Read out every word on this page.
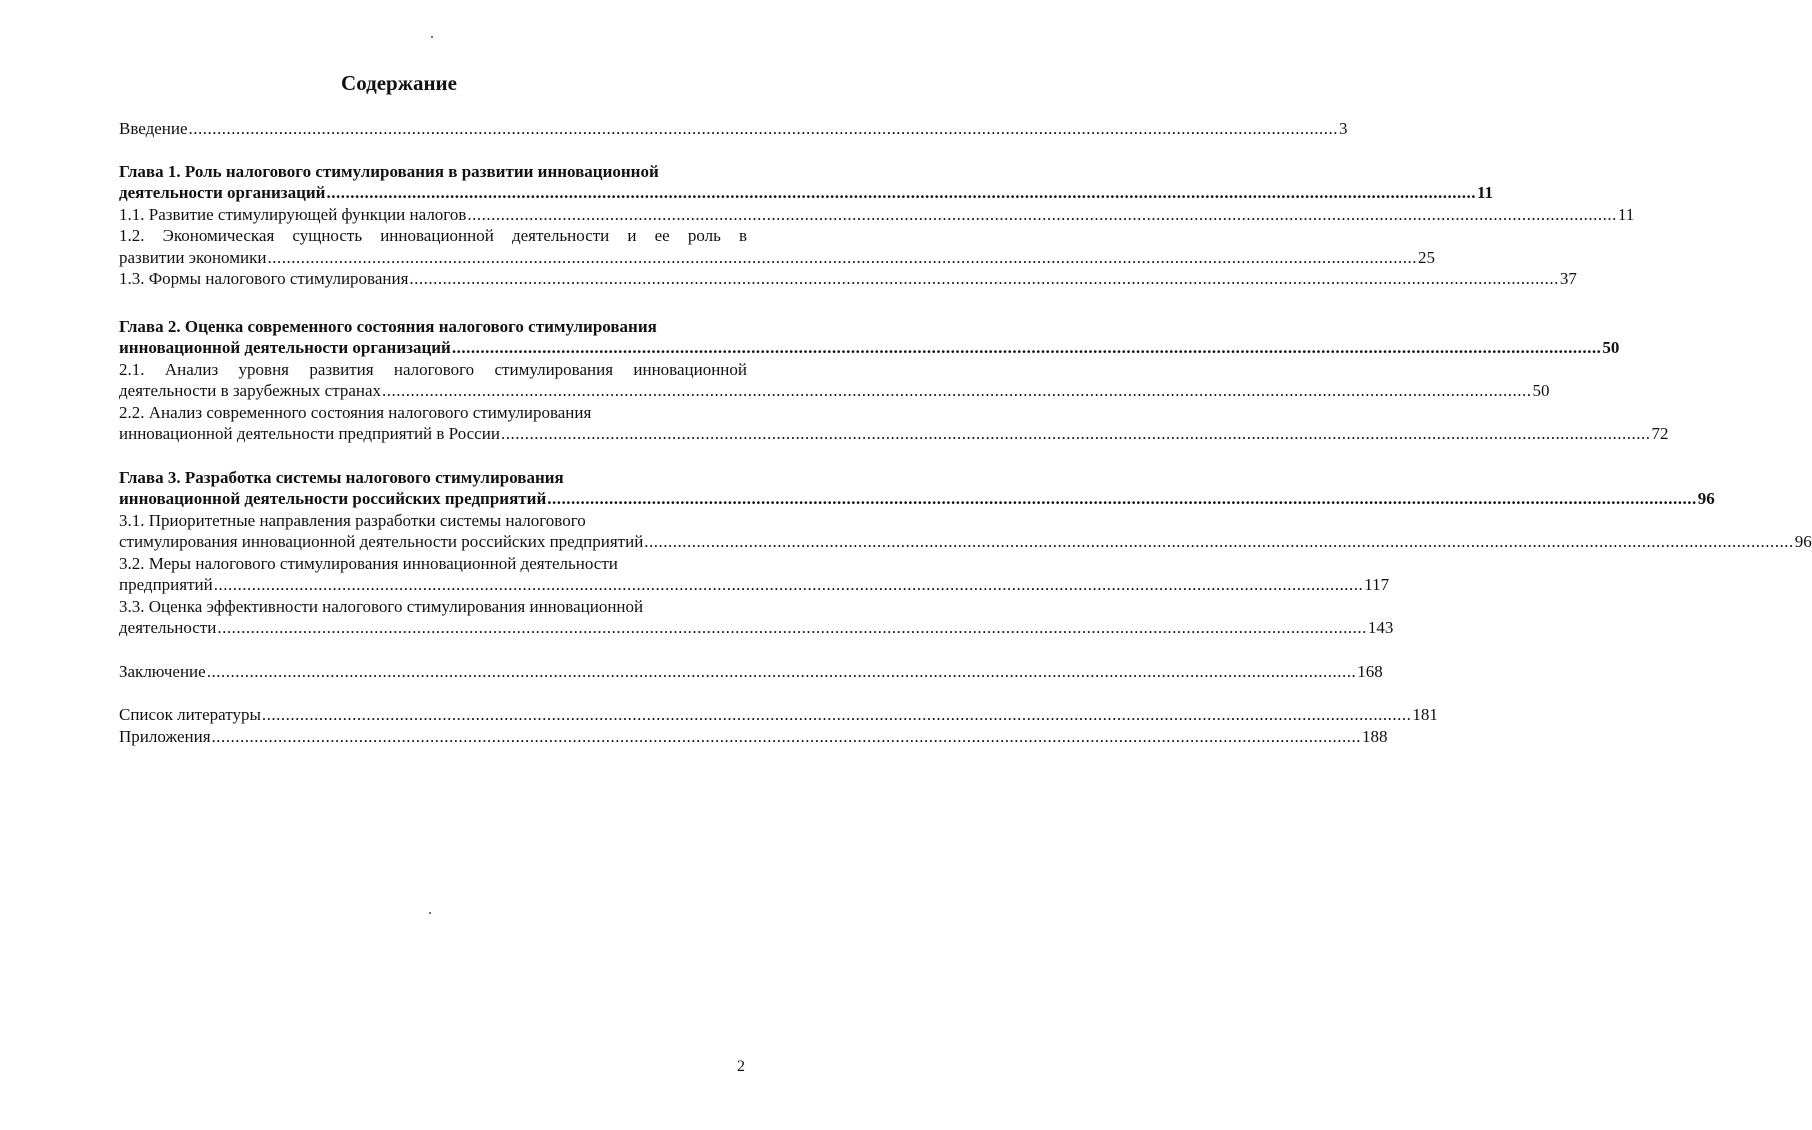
Содержание
Введение .....	3
Глава 1. Роль налогового стимулирования в развитии инновационной
деятельности организаций .....	11
1.1. Развитие стимулирующей функции налогов .....	11
1.2. Экономическая сущность инновационной деятельности и ее роль в
развитии экономики .....	25
1.3. Формы налогового стимулирования .....	37
Глава 2. Оценка современного состояния налогового стимулирования
инновационной деятельности организаций .....	50
2.1. Анализ уровня развития налогового стимулирования инновационной
деятельности в зарубежных странах .....	50
2.2. Анализ современного состояния налогового стимулирования
инновационной деятельности предприятий в России .....	72
Глава 3. Разработка системы налогового стимулирования
инновационной деятельности российских предприятий .....	96
3.1. Приоритетные направления разработки системы налогового
стимулирования инновационной деятельности российских предприятий .....	96
3.2. Меры налогового стимулирования инновационной деятельности
предприятий .....	117
3.3. Оценка эффективности налогового стимулирования инновационной
деятельности .....	143
Заключение .....	168
Список литературы .....	181
Приложения .....	188
2
